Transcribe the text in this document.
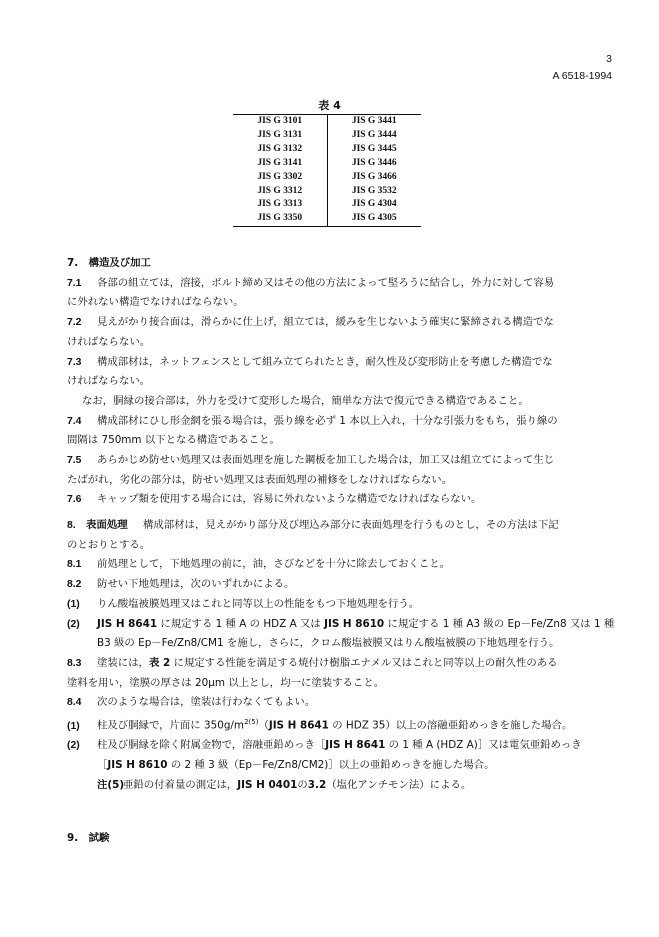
3
A 6518-1994
表 4
JIS G 3101	JIS G 3441
JIS G 3131	JIS G 3444
JIS G 3132	JIS G 3445
JIS G 3141	JIS G 3446
JIS G 3302	JIS G 3466
JIS G 3312	JIS G 3532
JIS G 3313	JIS G 4304
JIS G 3350	JIS G 4305
7.　構造及び加工

7.1 各部の組立ては，溶接，ボルト締め又はその他の方法によって堅ろうに結合し，外力に対して容易

に外れない構造でなければならない。

7.2 見えがかり接合面は，滑らかに仕上げ，組立ては，緩みを生じないよう確実に緊締される構造でな

ければならない。

7.3 構成部材は，ネットフェンスとして組み立てられたとき，耐久性及び変形防止を考慮した構造でな

ければならない。

なお，胴縁の接合部は，外力を受けて変形した場合，簡単な方法で復元できる構造であること。

7.4 構成部材にひし形金網を張る場合は，張り線を必ず 1 本以上入れ，十分な引張力をもち，張り線の

間隔は 750mm 以下となる構造であること。

7.5 あらかじめ防せい処理又は表面処理を施した鋼板を加工した場合は，加工又は組立てによって生じ

たばがれ，劣化の部分は，防せい処理又は表面処理の補修をしなければならない。

7.6 キャップ類を使用する場合には，容易に外れないような構造でなければならない。

8.　表面処理 構成部材は，見えがかり部分及び埋込み部分に表面処理を行うものとし，その方法は下記

のとおりとする。

8.1 前処理として，下地処理の前に，油，さびなどを十分に除去しておくこと。

8.2 防せい下地処理は，次のいずれかによる。

(1) りん酸塩被膜処理又はこれと同等以上の性能をもつ下地処理を行う。

(2) JIS H 8641 に規定する 1 種 A の HDZ A 又は JIS H 8610 に規定する 1 種 A3 級の Ep－Fe/Zn8 又は 1 種

B3 級の Ep－Fe/Zn8/CM1 を施し，さらに，クロム酸塩被膜又はりん酸塩被膜の下地処理を行う。

8.3 塗装には，表 2 に規定する性能を満足する焼付け樹脂エナメル又はこれと同等以上の耐久性のある

塗料を用い，塗膜の厚さは 20μm 以上とし，均一に塗装すること。

8.4 次のような場合は，塗装は行わなくてもよい。

(1) 柱及び胴縁で，片面に $350g/m^{2(5)}(JIS$ H 8641 の HDZ 35）以上の溶融亜鉛めっきを施した場合。

(2) 柱及び胴縁を除く附属金物で，溶融亜鉛めっき［JIS H 8641 の 1 種 A (HDZ A)］又は電気亜鉛めっき

［JIS H 8610 の 2 種 3 級（Ep－Fe/Zn8/CM2)］以上の亜鉛めっきを施した場合。

注(5)亜鉛の付着量の測定は，JIS H 0401の3.2（塩化アンチモン法）による。

9.　試験
